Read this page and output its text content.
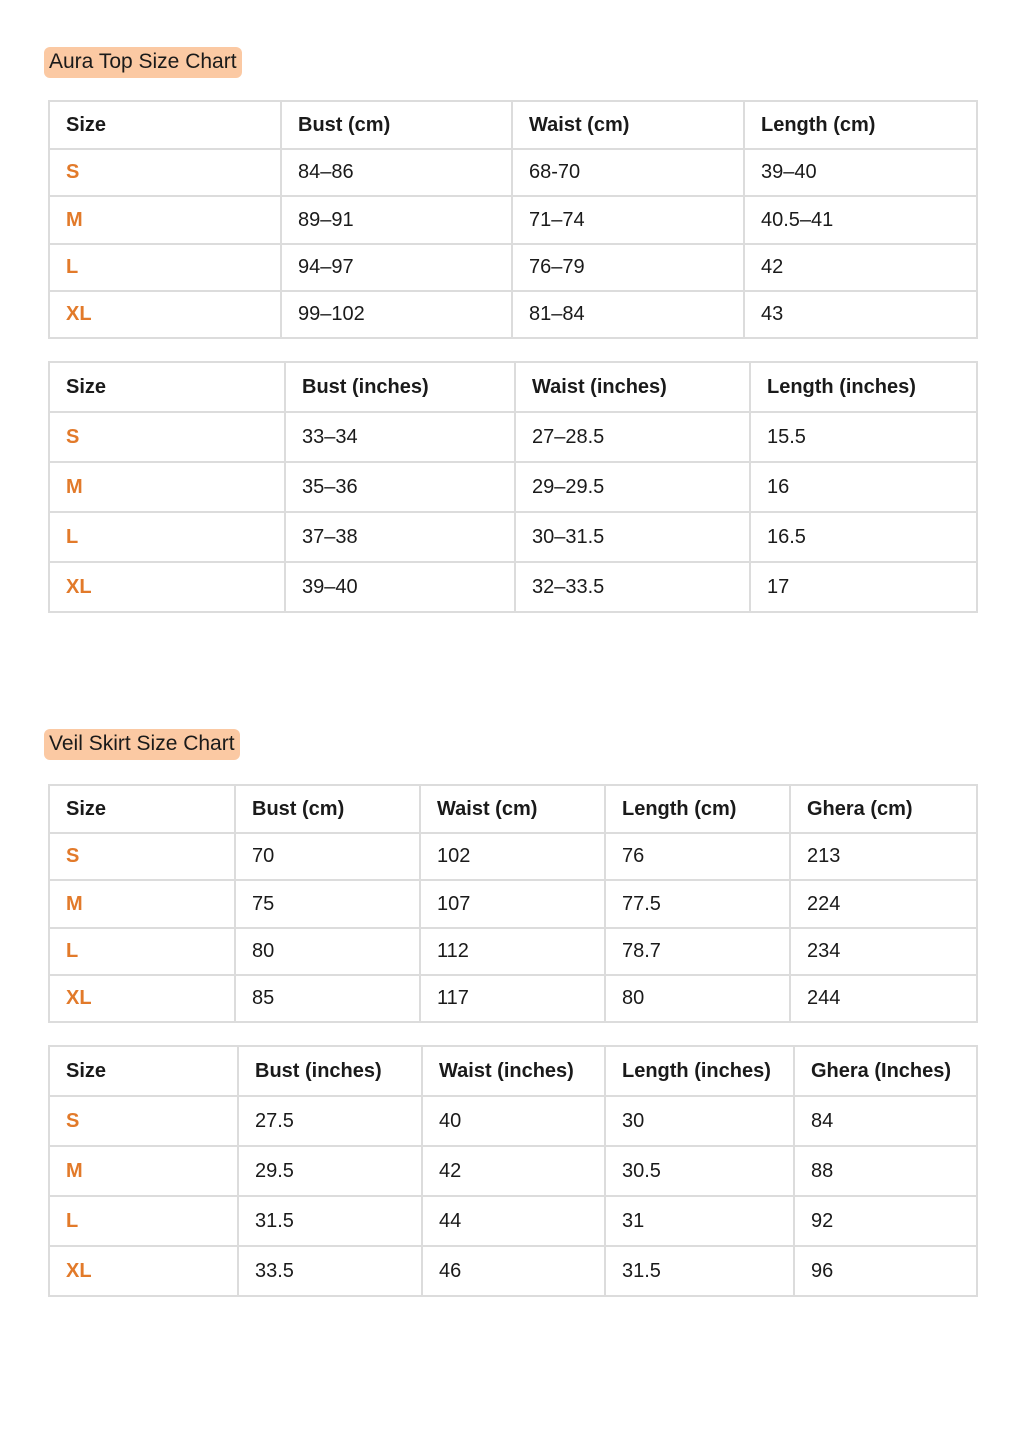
Aura Top Size Chart
Size	Bust (cm)	Waist (cm)	Length (cm)
S	84–86	68-70	39–40
M	89–91	71–74	40.5–41
L	94–97	76–79	42
XL	99–102	81–84	43
Size	Bust (inches)	Waist (inches)	Length (inches)
S	33–34	27–28.5	15.5
M	35–36	29–29.5	16
L	37–38	30–31.5	16.5
XL	39–40	32–33.5	17
Veil Skirt Size Chart
Size	Bust (cm)	Waist (cm)	Length (cm)	Ghera (cm)
S	70	102	76	213
M	75	107	77.5	224
L	80	112	78.7	234
XL	85	117	80	244
Size	Bust (inches)	Waist (inches)	Length (inches)	Ghera (Inches)
S	27.5	40	30	84
M	29.5	42	30.5	88
L	31.5	44	31	92
XL	33.5	46	31.5	96
